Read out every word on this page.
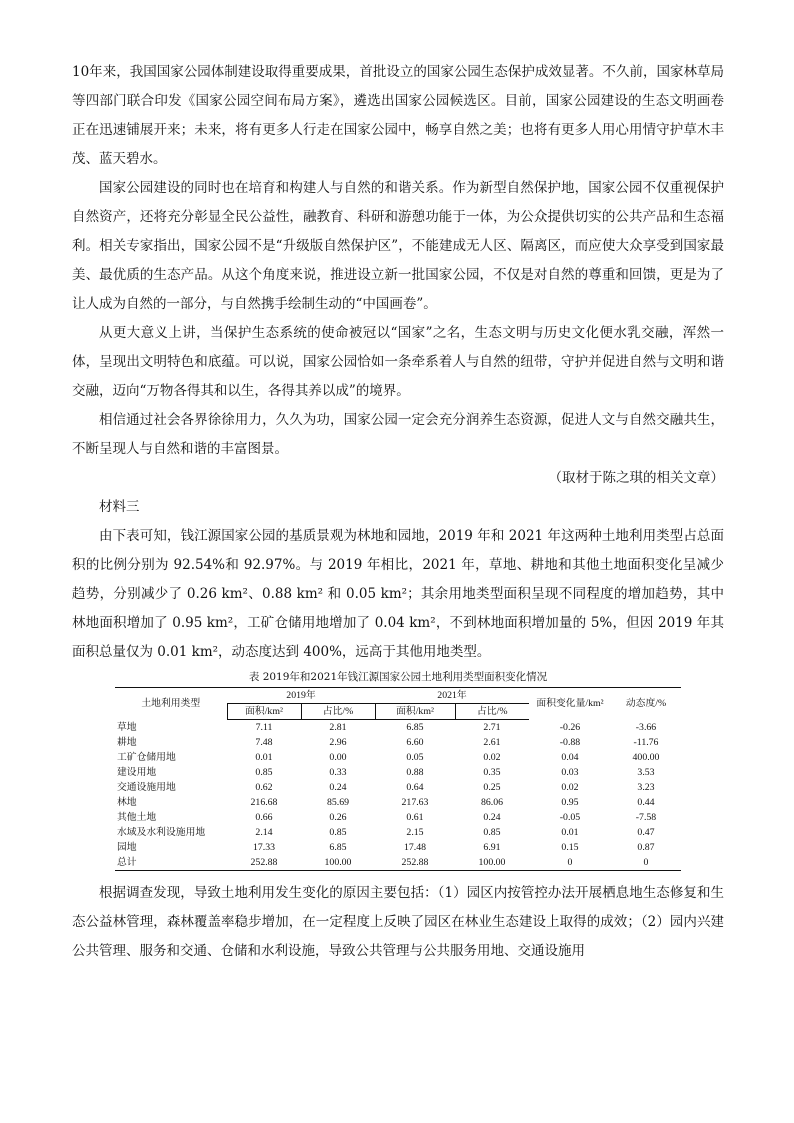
10年来，我国国家公园体制建设取得重要成果，首批设立的国家公园生态保护成效显著。不久前，国家林草局等四部门联合印发《国家公园空间布局方案》，遴选出国家公园候选区。目前，国家公园建设的生态文明画卷正在迅速铺展开来；未来，将有更多人行走在国家公园中，畅享自然之美；也将有更多人用心用情守护草木丰茂、蓝天碧水。

国家公园建设的同时也在培育和构建人与自然的和谐关系。作为新型自然保护地，国家公园不仅重视保护自然资产，还将充分彰显全民公益性，融教育、科研和游憩功能于一体，为公众提供切实的公共产品和生态福利。相关专家指出，国家公园不是“升级版自然保护区”，不能建成无人区、隔离区，而应使大众享受到国家最美、最优质的生态产品。从这个角度来说，推进设立新一批国家公园，不仅是对自然的尊重和回馈，更是为了让人成为自然的一部分，与自然携手绘制生动的“中国画卷”。

从更大意义上讲，当保护生态系统的使命被冠以“国家”之名，生态文明与历史文化便水乳交融，浑然一体，呈现出文明特色和底蕴。可以说，国家公园恰如一条牵系着人与自然的纽带，守护并促进自然与文明和谐交融，迈向“万物各得其和以生，各得其养以成”的境界。

相信通过社会各界徐徐用力，久久为功，国家公园一定会充分润养生态资源，促进人文与自然交融共生，不断呈现人与自然和谐的丰富图景。

（取材于陈之琪的相关文章）

材料三

由下表可知，钱江源国家公园的基质景观为林地和园地，2019 年和 2021 年这两种土地利用类型占总面积的比例分别为 92.54%和 92.97%。与 2019 年相比，2021 年，草地、耕地和其他土地面积变化呈减少趋势，分别减少了 0.26 km²、0.88 km² 和 0.05 km²；其余用地类型面积呈现不同程度的增加趋势，其中林地面积增加了 0.95 km²，工矿仓储用地增加了 0.04 km²，不到林地面积增加量的 5%，但因 2019 年其面积总量仅为 0.01 km²，动态度达到 400%，远高于其他用地类型。

表 2019年和2021年钱江源国家公园土地利用类型面积变化情况

土地利用类型	2019年		2021年		面积变化量/km²	动态度/%
	面积/km²	占比/%	面积/km²	占比/%		
草地	7.11	2.81	6.85	2.71	-0.26	-3.66
耕地	7.48	2.96	6.60	2.61	-0.88	-11.76
工矿仓储用地	0.01	0.00	0.05	0.02	0.04	400.00
建设用地	0.85	0.33	0.88	0.35	0.03	3.53
交通设施用地	0.62	0.24	0.64	0.25	0.02	3.23
林地	216.68	85.69	217.63	86.06	0.95	0.44
其他土地	0.66	0.26	0.61	0.24	-0.05	-7.58
水域及水利设施用地	2.14	0.85	2.15	0.85	0.01	0.47
园地	17.33	6.85	17.48	6.91	0.15	0.87
总计	252.88	100.00	252.88	100.00	0	0

根据调查发现，导致土地利用发生变化的原因主要包括：（1）园区内按管控办法开展栖息地生态修复和生态公益林管理，森林覆盖率稳步增加，在一定程度上反映了园区在林业生态建设上取得的成效；（2）园内兴建公共管理、服务和交通、仓储和水利设施，导致公共管理与公共服务用地、交通设施用
